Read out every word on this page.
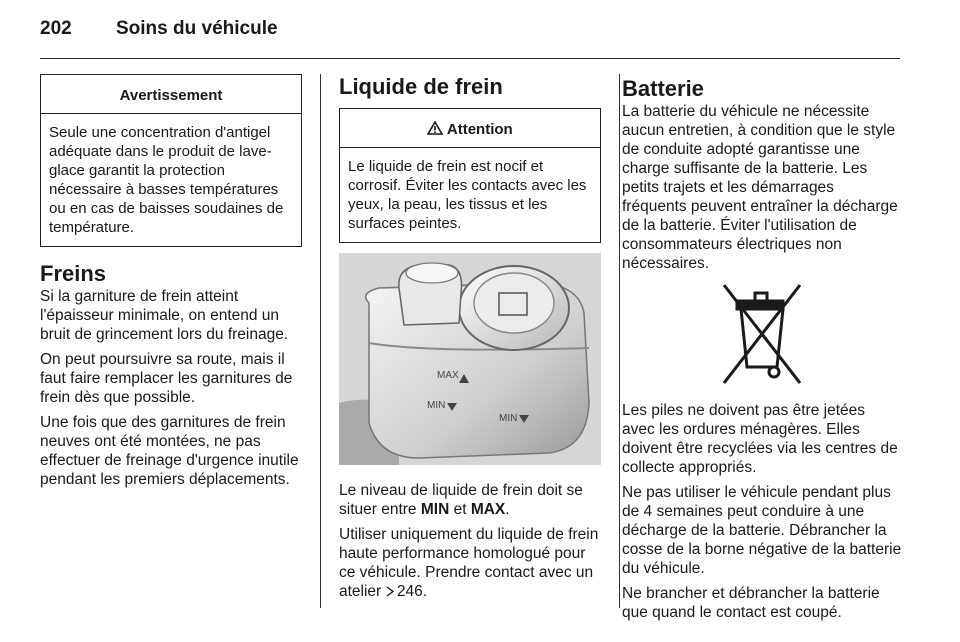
202	Soins du véhicule
Avertissement
Seule une concentration d'antigel adéquate dans le produit de lave-glace garantit la protection nécessaire à basses températures ou en cas de baisses soudaines de température.
Freins

Si la garniture de frein atteint l'épaisseur minimale, on entend un bruit de grincement lors du freinage.

On peut poursuivre sa route, mais il faut faire remplacer les garnitures de frein dès que possible.

Une fois que des garnitures de frein neuves ont été montées, ne pas effectuer de freinage d'urgence inutile pendant les premiers déplacements.

Liquide de frein
Attention
Le liquide de frein est nocif et corrosif. Éviter les contacts avec les yeux, la peau, les tissus et les surfaces peintes.
MAX
MIN
MIN

Le niveau de liquide de frein doit se situer entre MIN et MAX.

Utiliser uniquement du liquide de frein haute performance homologué pour ce véhicule. Prendre contact avec un atelier  246.

Batterie

La batterie du véhicule ne nécessite aucun entretien, à condition que le style de conduite adopté garantisse une charge suffisante de la batterie. Les petits trajets et les démarrages fréquents peuvent entraîner la décharge de la batterie. Éviter l'utilisation de consommateurs électriques non nécessaires.

Les piles ne doivent pas être jetées avec les ordures ménagères. Elles doivent être recyclées via les centres de collecte appropriés.

Ne pas utiliser le véhicule pendant plus de 4 semaines peut conduire à une décharge de la batterie. Débrancher la cosse de la borne négative de la batterie du véhicule.

Ne brancher et débrancher la batterie que quand le contact est coupé.
